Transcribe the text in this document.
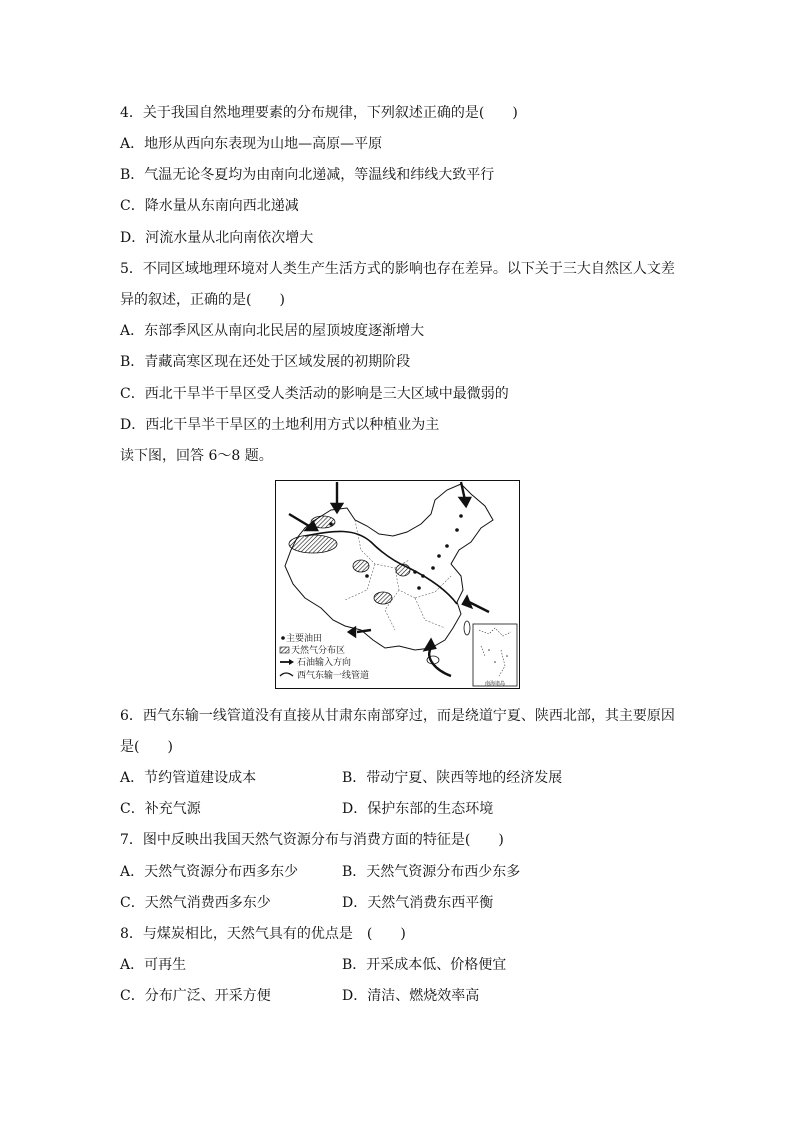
4．关于我国自然地理要素的分布规律，下列叙述正确的是(　　)
A．地形从西向东表现为山地—高原—平原
B．气温无论冬夏均为由南向北递减，等温线和纬线大致平行
C．降水量从东南向西北递减
D．河流水量从北向南依次增大
5．不同区域地理环境对人类生产生活方式的影响也存在差异。以下关于三大自然区人文差
异的叙述，正确的是(　　)
A．东部季风区从南向北民居的屋顶坡度逐渐增大
B．青藏高寒区现在还处于区域发展的初期阶段
C．西北干旱半干旱区受人类活动的影响是三大区域中最微弱的
D．西北干旱半干旱区的土地利用方式以种植业为主
读下图，回答 6～8 题。
南海诸岛
主要油田
天然气分布区
石油输入方向
西气东输一线管道
6．西气东输一线管道没有直接从甘肃东南部穿过，而是绕道宁夏、陕西北部，其主要原因
是(　　)
A．节约管道建设成本	B．带动宁夏、陕西等地的经济发展
C．补充气源	D．保护东部的生态环境
7．图中反映出我国天然气资源分布与消费方面的特征是(　　)
A．天然气资源分布西多东少	B．天然气资源分布西少东多
C．天然气消费西多东少	D．天然气消费东西平衡
8．与煤炭相比，天然气具有的优点是　(　　)
A．可再生	B．开采成本低、价格便宜
C．分布广泛、开采方便	D．清洁、燃烧效率高
